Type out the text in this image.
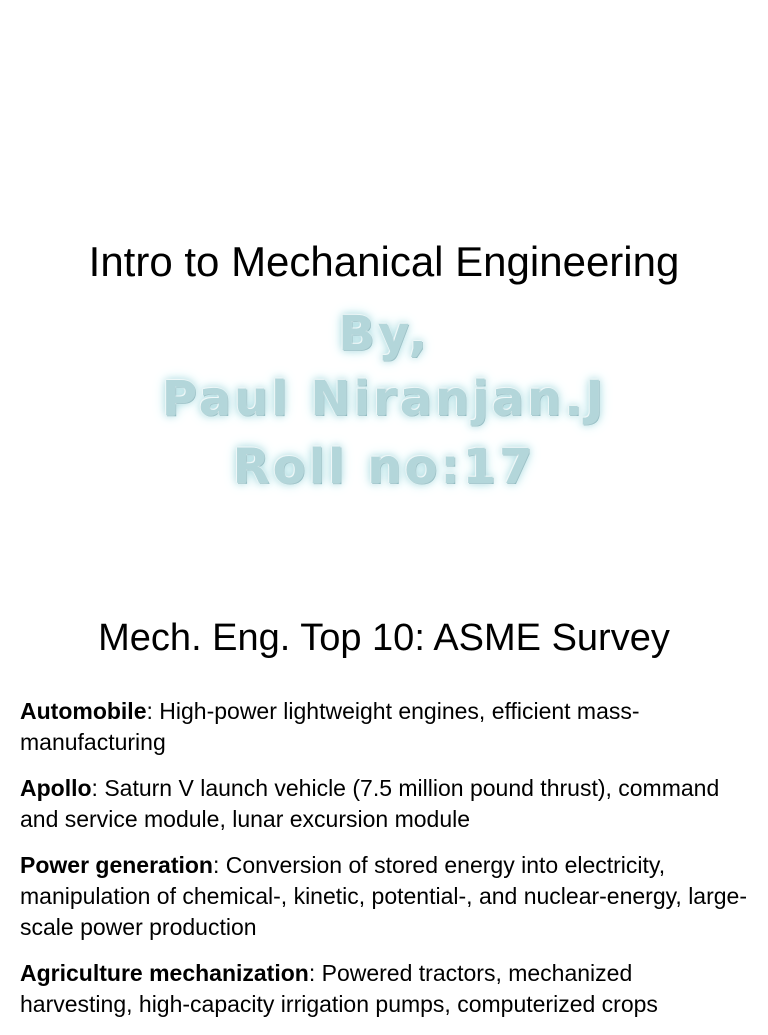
Intro to Mechanical Engineering
By,
Paul Niranjan.J
Roll no:17
Mech. Eng. Top 10: ASME Survey

Automobile: High-power lightweight engines, efficient mass-manufacturing

Apollo: Saturn V launch vehicle (7.5 million pound thrust), command and service module, lunar excursion module

Power generation: Conversion of stored energy into electricity, manipulation of chemical-, kinetic, potential-, and nuclear-energy, large-scale power production

Agriculture mechanization: Powered tractors, mechanized harvesting, high-capacity irrigation pumps, computerized crops
